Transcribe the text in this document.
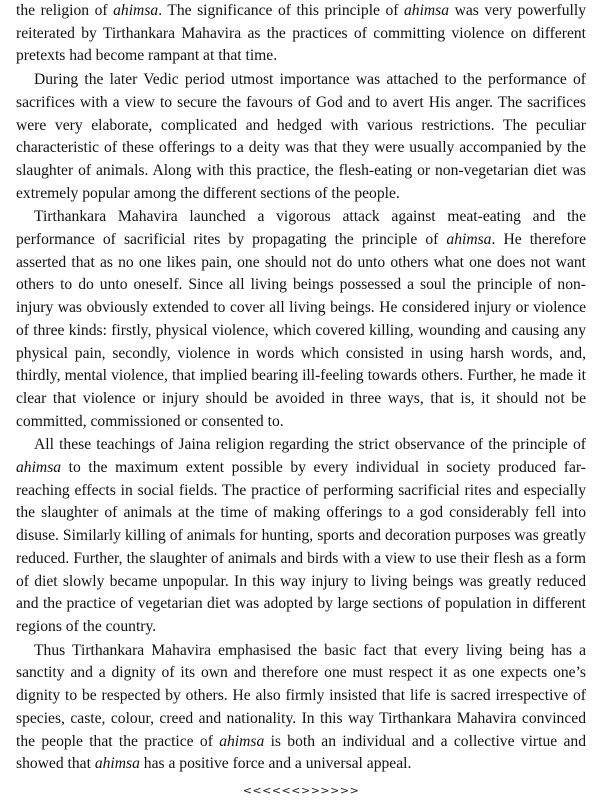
the religion of ahimsa. The significance of this principle of ahimsa was very powerfully reiterated by Tirthankara Mahavira as the practices of committing violence on different pretexts had become rampant at that time.

During the later Vedic period utmost importance was attached to the performance of sacrifices with a view to secure the favours of God and to avert His anger. The sacrifices were very elaborate, complicated and hedged with various restrictions. The peculiar characteristic of these offerings to a deity was that they were usually accompanied by the slaughter of animals. Along with this practice, the flesh-eating or non-vegetarian diet was extremely popular among the different sections of the people.

Tirthankara Mahavira launched a vigorous attack against meat-eating and the performance of sacrificial rites by propagating the principle of ahimsa. He therefore asserted that as no one likes pain, one should not do unto others what one does not want others to do unto oneself. Since all living beings possessed a soul the principle of non-injury was obviously extended to cover all living beings. He considered injury or violence of three kinds: firstly, physical violence, which covered killing, wounding and causing any physical pain, secondly, violence in words which consisted in using harsh words, and, thirdly, mental violence, that implied bearing ill-feeling towards others. Further, he made it clear that violence or injury should be avoided in three ways, that is, it should not be committed, commissioned or consented to.

All these teachings of Jaina religion regarding the strict observance of the principle of ahimsa to the maximum extent possible by every individual in society produced far-reaching effects in social fields. The practice of performing sacrificial rites and especially the slaughter of animals at the time of making offerings to a god considerably fell into disuse. Similarly killing of animals for hunting, sports and decoration purposes was greatly reduced. Further, the slaughter of animals and birds with a view to use their flesh as a form of diet slowly became unpopular. In this way injury to living beings was greatly reduced and the practice of vegetarian diet was adopted by large sections of population in different regions of the country.

Thus Tirthankara Mahavira emphasised the basic fact that every living being has a sanctity and a dignity of its own and therefore one must respect it as one expects one’s dignity to be respected by others. He also firmly insisted that life is sacred irrespective of species, caste, colour, creed and nationality. In this way Tirthankara Mahavira convinced the people that the practice of ahimsa is both an individual and a collective virtue and showed that ahimsa has a positive force and a universal appeal.

<<<<<<>>>>>>
